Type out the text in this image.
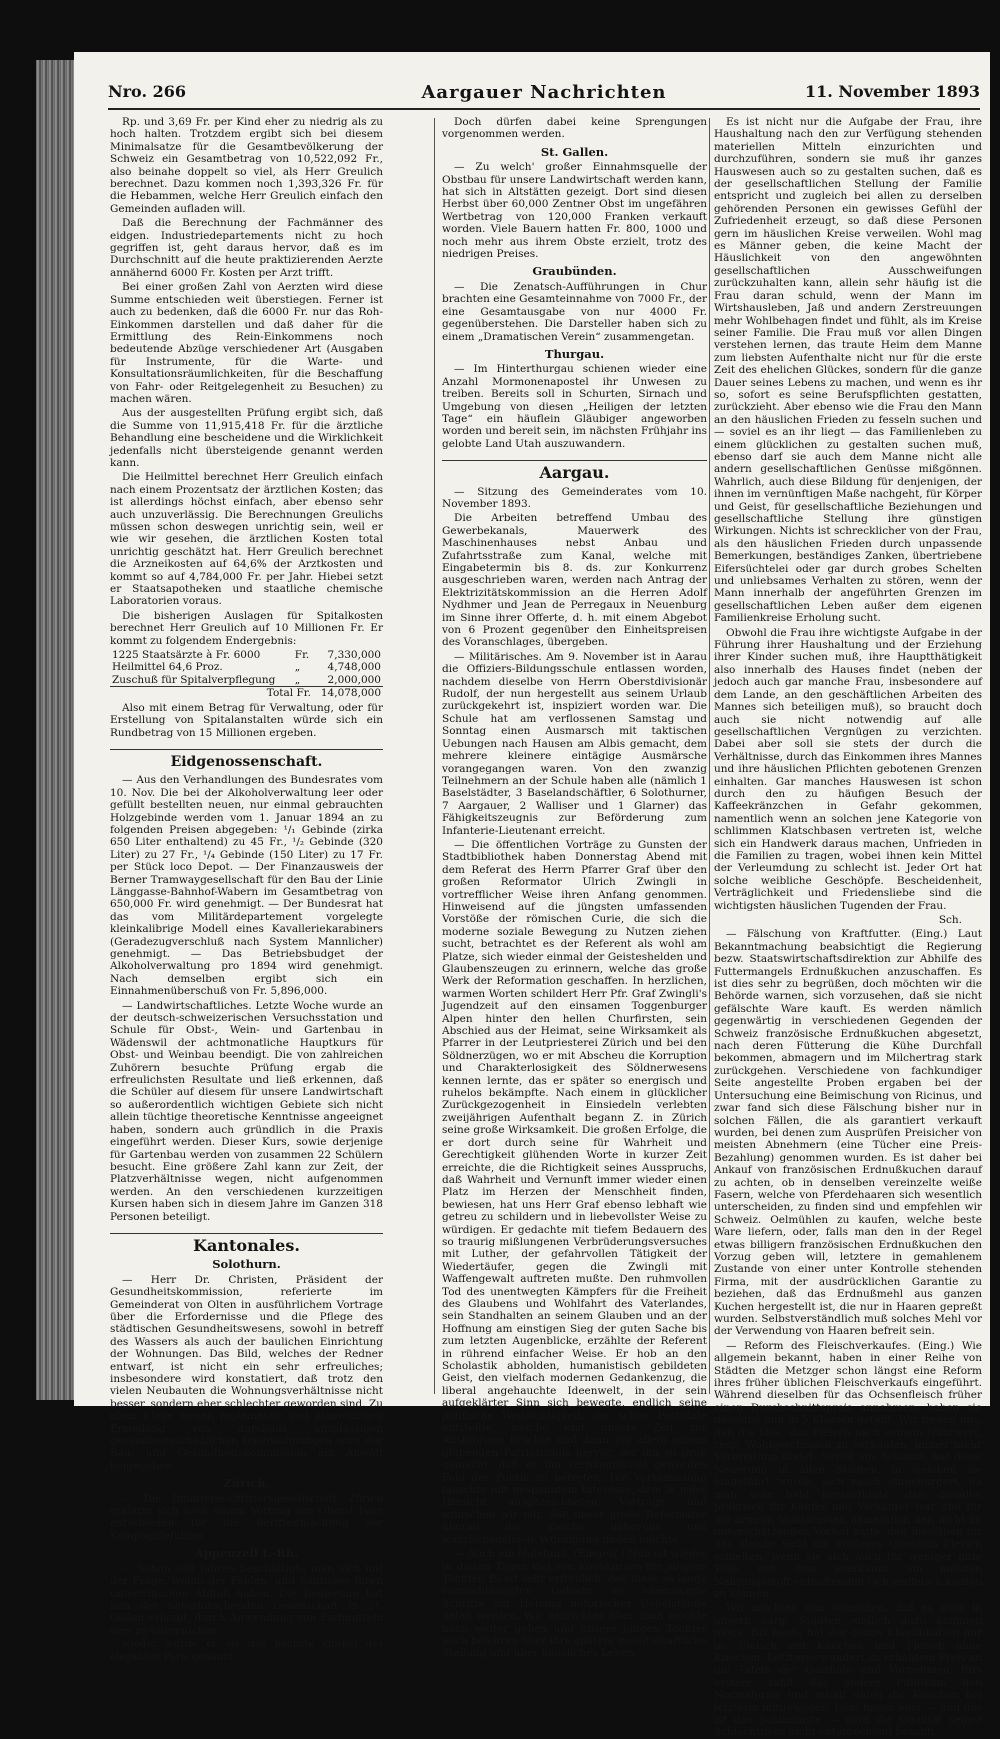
Nro. 266	Aargauer Nachrichten	11. November 1893

Rp. und 3,69 Fr. per Kind eher zu niedrig als zu hoch halten. Trotzdem ergibt sich bei diesem Minimalsatze für die Gesamtbevölkerung der Schweiz ein Gesamtbetrag von 10,522,092 Fr., also beinahe doppelt so viel, als Herr Greulich berechnet. Dazu kommen noch 1,393,326 Fr. für die Hebammen, welche Herr Greulich einfach den Gemeinden aufladen will.

Daß die Berechnung der Fachmänner des eidgen. Industriedepartements nicht zu hoch gegriffen ist, geht daraus hervor, daß es im Durchschnitt auf die heute praktizierenden Aerzte annähernd 6000 Fr. Kosten per Arzt trifft.

Bei einer großen Zahl von Aerzten wird diese Summe entschieden weit überstiegen. Ferner ist auch zu bedenken, daß die 6000 Fr. nur das Roh-Einkommen darstellen und daß daher für die Ermittlung des Rein-Einkommens noch bedeutende Abzüge verschiedener Art (Ausgaben für Instrumente, für die Warte- und Konsultationsräumlichkeiten, für die Beschaffung von Fahr- oder Reitgelegenheit zu Besuchen) zu machen wären.

Aus der ausgestellten Prüfung ergibt sich, daß die Summe von 11,915,418 Fr. für die ärztliche Behandlung eine bescheidene und die Wirklichkeit jedenfalls nicht übersteigende genannt werden kann.

Die Heilmittel berechnet Herr Greulich einfach nach einem Prozentsatz der ärztlichen Kosten; das ist allerdings höchst einfach, aber ebenso sehr auch unzuverlässig. Die Berechnungen Greulichs müssen schon deswegen unrichtig sein, weil er wie wir gesehen, die ärztlichen Kosten total unrichtig geschätzt hat. Herr Greulich berechnet die Arzneikosten auf 64,6% der Arztkosten und kommt so auf 4,784,000 Fr. per Jahr. Hiebei setzt er Staatsapotheken und staatliche chemische Laboratorien voraus.

Die bisherigen Auslagen für Spitalkosten berechnet Herr Greulich auf 10 Millionen Fr. Er kommt zu folgendem Endergebnis:

1225 Staatsärzte à Fr. 6000	Fr.	7,330,000
Heilmittel 64,6 Proz.	„	4,748,000
Zuschuß für Spitalverpflegung	„	2,000,000
Total Fr.		14,078,000

Also mit einem Betrag für Verwaltung, oder für Erstellung von Spitalanstalten würde sich ein Rundbetrag von 15 Millionen ergeben.

Eidgenossenschaft.

— Aus den Verhandlungen des Bundesrates vom 10. Nov. Die bei der Alkoholverwaltung leer oder gefüllt bestellten neuen, nur einmal gebrauchten Holzgebinde werden vom 1. Januar 1894 an zu folgenden Preisen abgegeben: ¹/₁ Gebinde (zirka 650 Liter enthaltend) zu 45 Fr., ¹/₂ Gebinde (320 Liter) zu 27 Fr., ¹/₄ Gebinde (150 Liter) zu 17 Fr. per Stück loco Depot. — Der Finanzausweis der Berner Tramwaygesellschaft für den Bau der Linie Länggasse-Bahnhof-Wabern im Gesamtbetrag von 650,000 Fr. wird genehmigt. — Der Bundesrat hat das vom Militärdepartement vorgelegte kleinkalibrige Modell eines Kavalleriekarabiners (Geradezugverschluß nach System Mannlicher) genehmigt. — Das Betriebsbudget der Alkoholverwaltung pro 1894 wird genehmigt. Nach demselben ergibt sich ein Einnahmenüberschuß von Fr. 5,896,000.

— Landwirtschaftliches. Letzte Woche wurde an der deutsch-schweizerischen Versuchsstation und Schule für Obst-, Wein- und Gartenbau in Wädenswil der achtmonatliche Hauptkurs für Obst- und Weinbau beendigt. Die von zahlreichen Zuhörern besuchte Prüfung ergab die erfreulichsten Resultate und ließ erkennen, daß die Schüler auf diesem für unsere Landwirtschaft so außerordentlich wichtigen Gebiete sich nicht allein tüchtige theoretische Kenntnisse angeeignet haben, sondern auch gründlich in die Praxis eingeführt werden. Dieser Kurs, sowie derjenige für Gartenbau werden von zusammen 22 Schülern besucht. Eine größere Zahl kann zur Zeit, der Platzverhältnisse wegen, nicht aufgenommen werden. An den verschiedenen kurzzeitigen Kursen haben sich in diesem Jahre im Ganzen 318 Personen beteiligt.

Kantonales.
Solothurn.

— Herr Dr. Christen, Präsident der Gesundheitskommission, referierte im Gemeinderat von Olten in ausführlichem Vortrage über die Erfordernisse und die Pflege des städtischen Gesundheitswesens, sowohl in betreff des Wassers als auch der baulichen Einrichtung der Wohnungen. Das Bild, welches der Redner entwarf, ist nicht ein sehr erfreuliches; insbesondere wird konstatiert, daß trotz den vielen Neubauten die Wohnungsverhältnisse nicht besser, sondern eher schlechter geworden sind. Zu einer Klage wegen reglements- und planwidriger Erstellung von durchaus unzulässigen gesundheitsschädlichen Dachwohnungen wird der Bau- und Gesundheitskommission ein Anwalt beigegeben.

Zürich.

— Die Infanterie-Offiziersgesellschaft Zürich erklärte sich nach einem Vortrag von Oberst Isler entschieden für die Berittenmachung der Kompagnieführer.

Appenzell I.-Rh.

— Schon seit Jahren beschäftigte man sich mit der Frage, wohin der Fählen- und Säntissee ihren unterirdischen Abfluß haben. Die Regierung hat nun der naturforschenden Gesellschaft in St. Gallen erlaubt, durch Anwendung von Farbmitteln dies zu untersuchen.

wieder wurde er als das höchste Orakel des eleganten Paris genannt.

Doch dürfen dabei keine Sprengungen vorgenommen werden.

St. Gallen.

— Zu welch' großer Einnahmsquelle der Obstbau für unsere Landwirtschaft werden kann, hat sich in Altstätten gezeigt. Dort sind diesen Herbst über 60,000 Zentner Obst im ungefähren Wertbetrag von 120,000 Franken verkauft worden. Viele Bauern hatten Fr. 800, 1000 und noch mehr aus ihrem Obste erzielt, trotz des niedrigen Preises.

Graubünden.

— Die Zenatsch-Aufführungen in Chur brachten eine Gesamteinnahme von 7000 Fr., der eine Gesamtausgabe von nur 4000 Fr. gegenüberstehen. Die Darsteller haben sich zu einem „Dramatischen Verein“ zusammengetan.

Thurgau.

— Im Hinterthurgau schienen wieder eine Anzahl Mormonenapostel ihr Unwesen zu treiben. Bereits soll in Schurten, Sirnach und Umgebung von diesen „Heiligen der letzten Tage“ ein häuflein Gläubiger angeworben worden und bereit sein, im nächsten Frühjahr ins gelobte Land Utah auszuwandern.

Aargau.

— Sitzung des Gemeinderates vom 10. November 1893.

Die Arbeiten betreffend Umbau des Gewerbekanals, Mauerwerk des Maschinenhauses nebst Anbau und Zufahrtsstraße zum Kanal, welche mit Eingabetermin bis 8. ds. zur Konkurrenz ausgeschrieben waren, werden nach Antrag der Elektrizitätskommission an die Herren Adolf Nydhmer und Jean de Perregaux in Neuenburg im Sinne ihrer Offerte, d. h. mit einem Abgebot von 6 Prozent gegenüber den Einheitspreisen des Voranschlages, übergeben.

— Militärisches. Am 9. November ist in Aarau die Offiziers-Bildungsschule entlassen worden, nachdem dieselbe von Herrn Oberstdivisionär Rudolf, der nun hergestellt aus seinem Urlaub zurückgekehrt ist, inspiziert worden war. Die Schule hat am verflossenen Samstag und Sonntag einen Ausmarsch mit taktischen Uebungen nach Hausen am Albis gemacht, dem mehrere kleinere eintägige Ausmärsche vorangegangen waren. Von den zwanzig Teilnehmern an der Schule haben alle (nämlich 1 Baselstädter, 3 Baselandschäftler, 6 Solothurner, 7 Aargauer, 2 Walliser und 1 Glarner) das Fähigkeitszeugnis zur Beförderung zum Infanterie-Lieutenant erreicht.

— Die öffentlichen Vorträge zu Gunsten der Stadtbibliothek haben Donnerstag Abend mit dem Referat des Herrn Pfarrer Graf über den großen Reformator Ulrich Zwingli in vortrefflicher Weise ihren Anfang genommen. Hinweisend auf die jüngsten umfassenden Vorstöße der römischen Curie, die sich die moderne soziale Bewegung zu Nutzen ziehen sucht, betrachtet es der Referent als wohl am Platze, sich wieder einmal der Geisteshelden und Glaubenszeugen zu erinnern, welche das große Werk der Reformation geschaffen. In herzlichen, warmen Worten schildert Herr Pfr. Graf Zwingli's Jugendzeit auf den einsamen Toggenburger Alpen hinter den hellen Churfirsten, sein Abschied aus der Heimat, seine Wirksamkeit als Pfarrer in der Leutpriesterei Zürich und bei den Söldnerzügen, wo er mit Abscheu die Korruption und Charakterlosigkeit des Söldnerwesens kennen lernte, das er später so energisch und ruhelos bekämpfte. Nach einem in glücklicher Zurückgezogenheit in Einsiedeln verlebten zweijährigen Aufenthalt begann Z. in Zürich seine große Wirksamkeit. Die großen Erfolge, die er dort durch seine für Wahrheit und Gerechtigkeit glühenden Worte in kurzer Zeit erreichte, die die Richtigkeit seines Ausspruchs, daß Wahrheit und Vernunft immer wieder einen Platz im Herzen der Menschheit finden, bewiesen, hat uns Herr Graf ebenso lebhaft wie getreu zu schildern und in liebevollster Weise zu würdigen. Er gedachte mit tiefem Bedauern des so traurig mißlungenen Verbrüderungsversuches mit Luther, der gefahrvollen Tätigkeit der Wiedertäufer, gegen die Zwingli mit Waffengewalt auftreten mußte. Den ruhmvollen Tod des unentwegten Kämpfers für die Freiheit des Glaubens und Wohlfahrt des Vaterlandes, sein Standhalten an seinem Glauben und an der Hoffnung am einstigen Sieg der guten Sache bis zum letzten Augenblicke, erzählte der Referent in rührend einfacher Weise. Er hob an den Scholastik abholden, humanistisch gebildeten Geist, den vielfach modernen Gedankenzug, die liberal angehauchte Ideenwelt, in der sein aufgeklärter Sinn sich bewegte, endlich seine politische Weitsichtigkeit, die schon Postulate aufstellte, welche erst unsere Zeit zur Ausführung brachte und dann vor allem seinen glühenden Patriotismus hervor, der ihn so groß gemacht, daß er ihn verhängnisvoll geworden Feld der Politik zu betreten. Die Versammlung lauschte mit gespanntem Interesse, dem in jeder Hinsicht ausgezeichneten Vortrage und wünschen wir nur, daß unser große Reformator überall die gleiche liebevolle und wahrheitsgetreue Würdigung finden möchte.

— Auch ein Notstand. (Eingesf.) Nun ist wieder in diesen Tagen viel von Kochkursen für jüngere Töchter. Es ist sehr erfreulich, daß diese so lange vernachlässigten Gebiete so lobenswerte Schritte zur Hebung notorischer Uebelstände getan werden. Wir wünschten aber, man möchte noch weiter gehen und unsere jungen Töchter auch belehren über ihre spätere gesellschaftliche Stellung und über häusliches Leben.

Es ist nicht nur die Aufgabe der Frau, ihre Haushaltung nach den zur Verfügung stehenden materiellen Mitteln einzurichten und durchzuführen, sondern sie muß ihr ganzes Hauswesen auch so zu gestalten suchen, daß es der gesellschaftlichen Stellung der Familie entspricht und zugleich bei allen zu derselben gehörenden Personen ein gewisses Gefühl der Zufriedenheit erzeugt, so daß diese Personen gern im häuslichen Kreise verweilen. Wohl mag es Männer geben, die keine Macht der Häuslichkeit von den angewöhnten gesellschaftlichen Ausschweifungen zurückzuhalten kann, allein sehr häufig ist die Frau daran schuld, wenn der Mann im Wirtshausleben, Jaß und andern Zerstreuungen mehr Wohlbehagen findet und fühlt, als im Kreise seiner Familie. Die Frau muß vor allen Dingen verstehen lernen, das traute Heim dem Manne zum liebsten Aufenthalte nicht nur für die erste Zeit des ehelichen Glückes, sondern für die ganze Dauer seines Lebens zu machen, und wenn es ihr so, sofort es seine Berufspflichten gestatten, zurückzieht. Aber ebenso wie die Frau den Mann an den häuslichen Frieden zu fesseln suchen und — soviel es an ihr liegt — das Familienleben zu einem glücklichen zu gestalten suchen muß, ebenso darf sie auch dem Manne nicht alle andern gesellschaftlichen Genüsse mißgönnen. Wahrlich, auch diese Bildung für denjenigen, der ihnen im vernünftigen Maße nachgeht, für Körper und Geist, für gesellschaftliche Beziehungen und gesellschaftliche Stellung ihre günstigen Wirkungen. Nichts ist schrecklicher von der Frau, als den häuslichen Frieden durch unpassende Bemerkungen, beständiges Zanken, übertriebene Eifersüchtelei oder gar durch grobes Schelten und unliebsames Verhalten zu stören, wenn der Mann innerhalb der angeführten Grenzen im gesellschaftlichen Leben außer dem eigenen Familienkreise Erholung sucht.

Obwohl die Frau ihre wichtigste Aufgabe in der Führung ihrer Haushaltung und der Erziehung ihrer Kinder suchen muß, ihre Hauptthätigkeit also innerhalb des Hauses findet (neben der jedoch auch gar manche Frau, insbesondere auf dem Lande, an den geschäftlichen Arbeiten des Mannes sich beteiligen muß), so braucht doch auch sie nicht notwendig auf alle gesellschaftlichen Vergnügen zu verzichten. Dabei aber soll sie stets der durch die Verhältnisse, durch das Einkommen ihres Mannes und ihre häuslichen Pflichten gebotenen Grenzen einhalten. Gar manches Hauswesen ist schon durch den zu häufigen Besuch der Kaffeekränzchen in Gefahr gekommen, namentlich wenn an solchen jene Kategorie von schlimmen Klatschbasen vertreten ist, welche sich ein Handwerk daraus machen, Unfrieden in die Familien zu tragen, wobei ihnen kein Mittel der Verleumdung zu schlecht ist. Jeder Ort hat solche weibliche Geschöpfe. Bescheidenheit, Verträglichkeit und Friedensliebe sind die wichtigsten häuslichen Tugenden der Frau.

Sch.

— Fälschung von Kraftfutter. (Eing.) Laut Bekanntmachung beabsichtigt die Regierung bezw. Staatswirtschaftsdirektion zur Abhilfe des Futtermangels Erdnußkuchen anzuschaffen. Es ist dies sehr zu begrüßen, doch möchten wir die Behörde warnen, sich vorzusehen, daß sie nicht gefälschte Ware kauft. Es werden nämlich gegenwärtig in verschiedenen Gegenden der Schweiz französische Erdnußkuchen abgesetzt, nach deren Fütterung die Kühe Durchfall bekommen, abmagern und im Milchertrag stark zurückgehen. Verschiedene von fachkundiger Seite angestellte Proben ergaben bei der Untersuchung eine Beimischung von Ricinus, und zwar fand sich diese Fälschung bisher nur in solchen Fällen, die als garantiert verkauft wurden, bei denen zum Ausprüfen Preisicher von meisten Abnehmern (eine Tücher eine Preis-Bezahlung) genommen wurden. Es ist daher bei Ankauf von französischen Erdnußkuchen darauf zu achten, ob in denselben vereinzelte weiße Fasern, welche von Pferdehaaren sich wesentlich unterscheiden, zu finden sind und empfehlen wir Schweiz. Oelmühlen zu kaufen, welche beste Ware liefern, oder, falls man den in der Regel etwas billigern französischen Erdnußkuchen den Vorzug geben will, letztere in gemahlenem Zustande von einer unter Kontrolle stehenden Firma, mit der ausdrücklichen Garantie zu beziehen, daß das Erdnußmehl aus ganzen Kuchen hergestellt ist, die nur in Haaren gepreßt wurden. Selbstverständlich muß solches Mehl vor der Verwendung von Haaren befreit sein.

— Reform des Fleischverkaufes. (Eing.) Wie allgemein bekannt, haben in einer Reihe von Städten die Metzger schon längst eine Reform ihres früher üblichen Fleischverkaufs eingeführt. Während dieselben für das Ochsenfleisch früher einen Durchschnittspreis annahmen, haben sie dasselbe nun in 5 Klassen geteilt. Wir freuen uns, daß die Idee, das Fleisch nach seinem Nährwert, resp. Wohlgeschmack zu verkaufen, immer mehr Verbreitung findet. Soviel uns bekannt, hat diese Neuerung in allen Städten, in welchen sie eingeführt wurde, sich rasch eingebürgert, da man sehr bald herausfühlte, daß dieselbe praktisch für Käufer und Verkäufer war und für die ärmern Volksklassen namentlich den nicht zu unterschätzenden Vorteil hatte, daß dieselben für das gleiche Geld ein größeres Quantum Fleisch erhielten, wenn sie sich auch für weniger gute Teile von dem anerkannt am meisten Nahrungsstoff enthaltenden Ochsenfleisch kaufen zu können.

Wir möchten nun wünschen, daß es auch in unsern aarg. Städten endlich dazu kommen möge. Bis heute hat der ganze Klassifikation nur in: Fleisch mit Knochen und Fleisch ohne Knochen. Letzteres wandert zu erhöhtem Preis an die Tafeln der Gasthöfe und Vornehmen, fürs erstere zahlt das andere Publikum den Normalpreis und erhält dabei die Knochen bei letzterm mitgewogen. Dem Bauer aber — und das ist das Schlimmste — wird die Qualität seiner Schlachttiere nicht entsprechend bezahlt.
